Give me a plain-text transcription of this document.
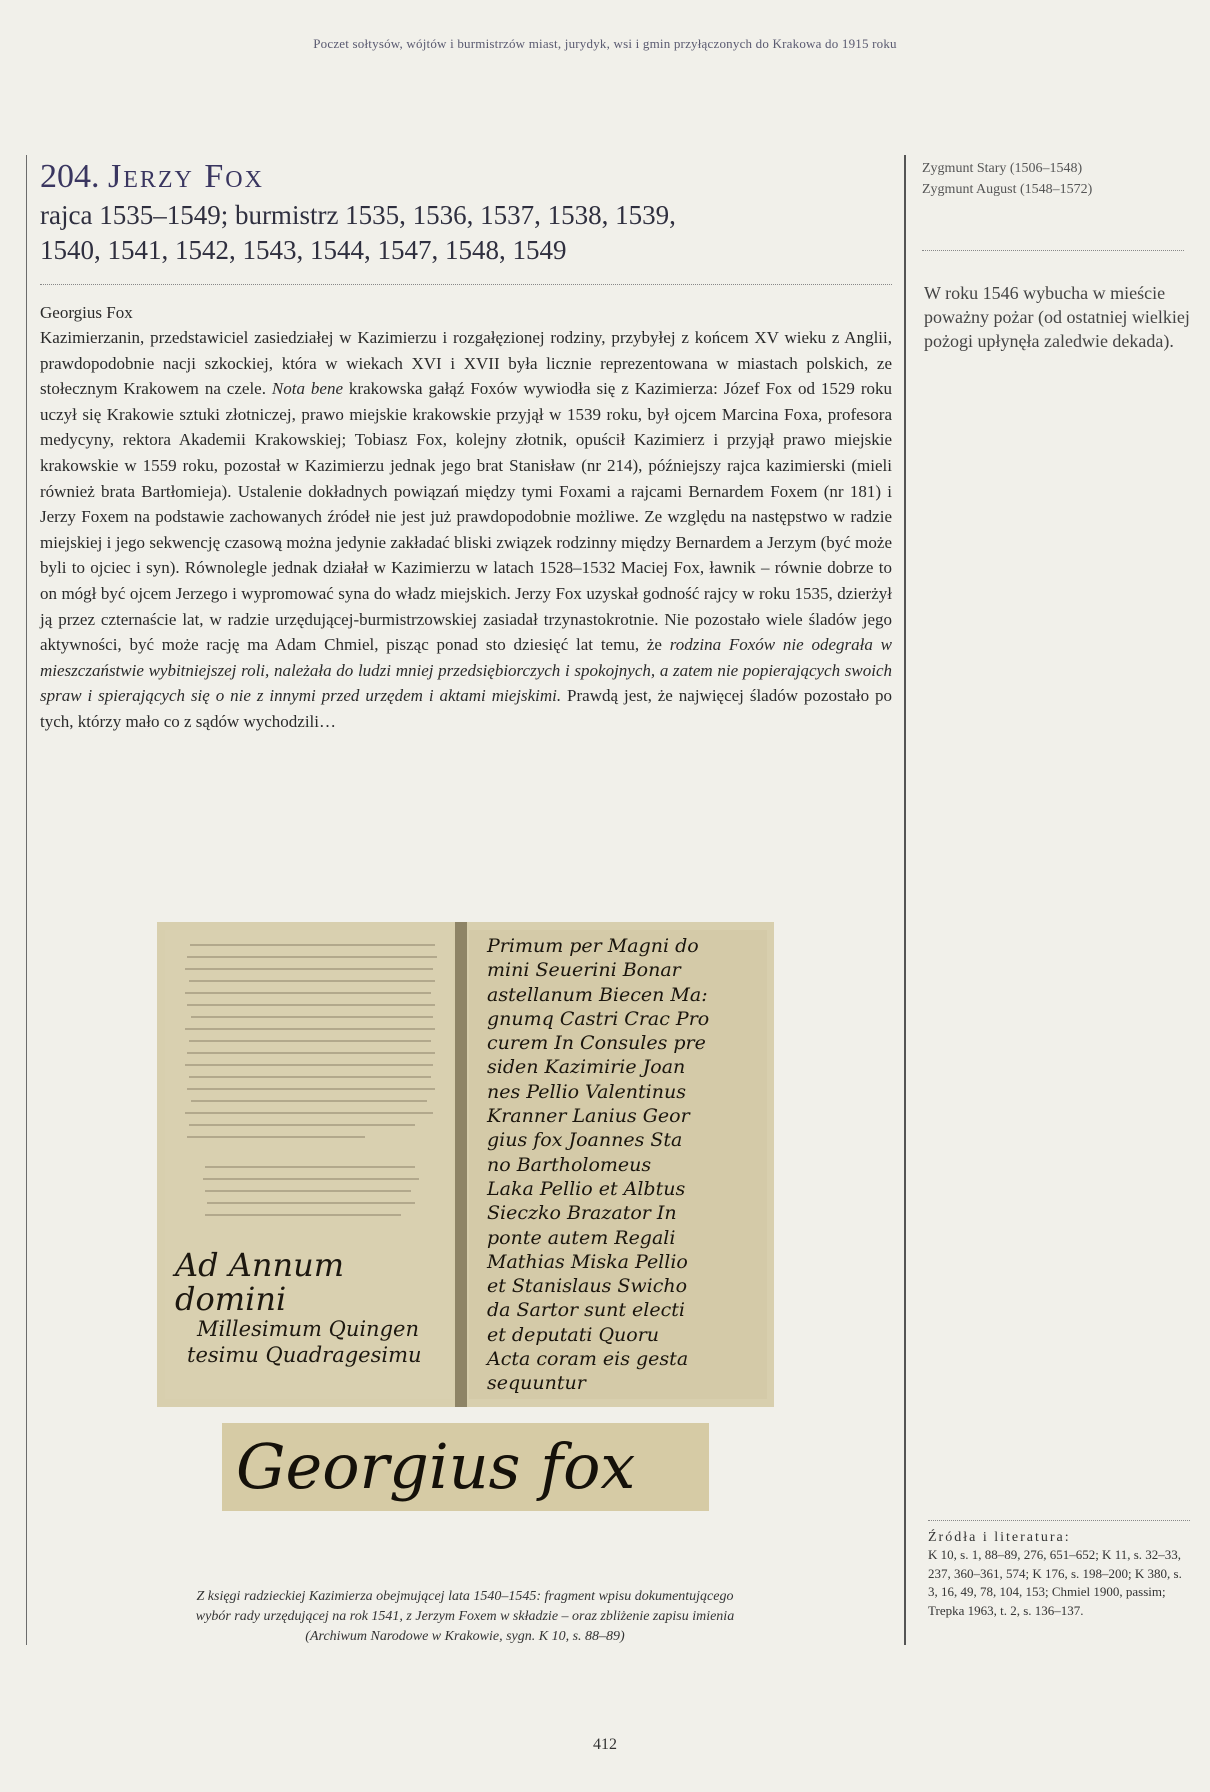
Poczet sołtysów, wójtów i burmistrzów miast, jurydyk, wsi i gmin przyłączonych do Krakowa do 1915 roku

204. Jerzy Fox

rajca 1535–1549; burmistrz 1535, 1536, 1537, 1538, 1539,
1540, 1541, 1542, 1543, 1544, 1547, 1548, 1549

Georgius Fox

Kazimierzanin, przedstawiciel zasiedziałej w Kazimierzu i rozgałęzionej rodziny, przybyłej z końcem XV wieku z Anglii, prawdopodobnie nacji szkockiej, która w wiekach XVI i XVII była licznie reprezentowana w miastach polskich, ze stołecznym Krakowem na czele. Nota bene krakowska gałąź Foxów wywiodła się z Kazimierza: Józef Fox od 1529 roku uczył się Krakowie sztuki złotniczej, prawo miejskie krakowskie przyjął w 1539 roku, był ojcem Marcina Foxa, profesora medycyny, rektora Akademii Krakowskiej; Tobiasz Fox, kolejny złotnik, opuścił Kazimierz i przyjął prawo miejskie krakowskie w 1559 roku, pozostał w Kazimierzu jednak jego brat Stanisław (nr 214), późniejszy rajca kazimierski (mieli również brata Bartłomieja). Ustalenie dokładnych powiązań między tymi Foxami a rajcami Bernardem Foxem (nr 181) i Jerzy Foxem na podstawie zachowanych źródeł nie jest już prawdopodobnie możliwe. Ze względu na następstwo w radzie miejskiej i jego sekwencję czasową można jedynie zakładać bliski związek rodzinny między Bernardem a Jerzym (być może byli to ojciec i syn). Równolegle jednak działał w Kazimierzu w latach 1528–1532 Maciej Fox, ławnik – równie dobrze to on mógł być ojcem Jerzego i wypromować syna do władz miejskich. Jerzy Fox uzyskał godność rajcy w roku 1535, dzierżył ją przez czternaście lat, w radzie urzędującej-burmistrzowskiej zasiadał trzynastokrotnie. Nie pozostało wiele śladów jego aktywności, być może rację ma Adam Chmiel, pisząc ponad sto dziesięć lat temu, że rodzina Foxów nie odegrała w mieszczaństwie wybitniejszej roli, należała do ludzi mniej przedsiębiorczych i spokojnych, a zatem nie popierających swoich spraw i spierających się o nie z innymi przed urzędem i aktami miejskimi. Prawdą jest, że najwięcej śladów pozostało po tych, którzy mało co z sądów wychodzili…

Ad Annum domini
Millesimum Quingen
tesimu Quadragesimu
Primum per Magni do
mini Seuerini Bonar
astellanum Biecen Ma:
gnumq Castri Crac Pro
curem In Consules pre
siden Kazimirie Joan
nes Pellio Valentinus
Kranner Lanius Geor
gius fox Joannes Sta
no Bartholomeus
Laka Pellio et Albtus
Sieczko Brazator In
ponte autem Regali
Mathias Miska Pellio
et Stanislaus Swicho
da Sartor sunt electi
et deputati Quoru
Acta coram eis gesta
sequuntur
Georgius fox
Z księgi radzieckiej Kazimierza obejmującej lata 1540–1545: fragment wpisu dokumentującego
wybór rady urzędującej na rok 1541, z Jerzym Foxem w składzie – oraz zbliżenie zapisu imienia
(Archiwum Narodowe w Krakowie, sygn. K 10, s. 88–89)

Zygmunt Stary (1506–1548)

Zygmunt August (1548–1572)

W roku 1546 wybucha w mieście poważny pożar (od ostatniej wielkiej pożogi upłynęła zaledwie dekada).

Źródła i literatura:

K 10, s. 1, 88–89, 276, 651–652; K 11, s. 32–33, 237, 360–361, 574; K 176, s. 198–200; K 380, s. 3, 16, 49, 78, 104, 153; Chmiel 1900, passim; Trepka 1963, t. 2, s. 136–137.

412
